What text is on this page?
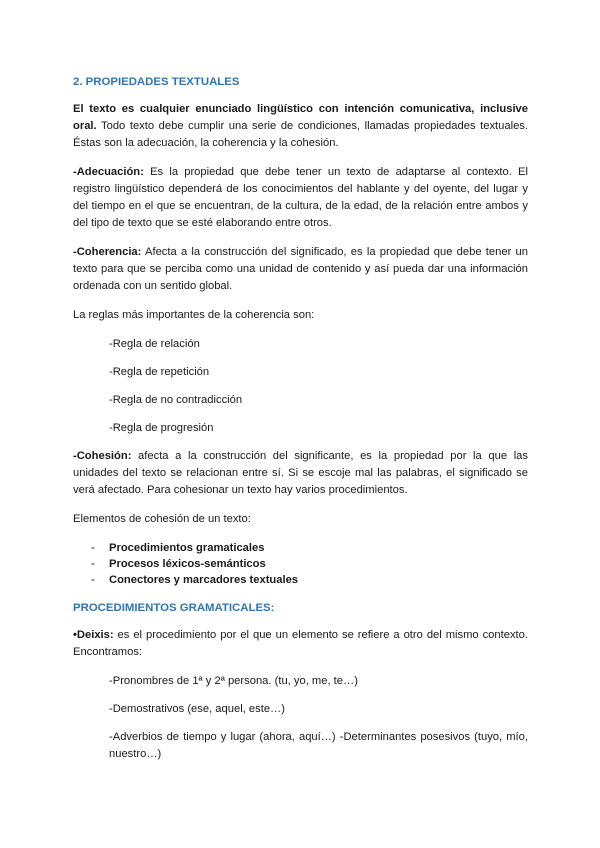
2. PROPIEDADES TEXTUALES

El texto es cualquier enunciado lingüístico con intención comunicativa, inclusive oral. Todo texto debe cumplir una serie de condiciones, llamadas propiedades textuales. Éstas son la adecuación, la coherencia y la cohesión.

-Adecuación: Es la propiedad que debe tener un texto de adaptarse al contexto. El registro lingüístico dependerá de los conocimientos del hablante y del oyente, del lugar y del tiempo en el que se encuentran, de la cultura, de la edad, de la relación entre ambos y del tipo de texto que se esté elaborando entre otros.

-Coherencia: Afecta a la construcción del significado, es la propiedad que debe tener un texto para que se perciba como una unidad de contenido y así pueda dar una información ordenada con un sentido global.

La reglas más importantes de la coherencia son:

-Regla de relación
-Regla de repetición
-Regla de no contradicción
-Regla de progresión

-Cohesión: afecta a la construcción del significante, es la propiedad por la que las unidades del texto se relacionan entre sí. Si se escoje mal las palabras, el significado se verá afectado. Para cohesionar un texto hay varios procedimientos.

Elementos de cohesión de un texto:

- Procedimientos gramaticales
- Procesos léxicos-semánticos
- Conectores y marcadores textuales
PROCEDIMIENTOS GRAMATICALES:

•Deixis: es el procedimiento por el que un elemento se refiere a otro del mismo contexto. Encontramos:

-Pronombres de 1ª y 2ª persona. (tu, yo, me, te…)
-Demostrativos (ese, aquel, este…)
-Adverbios de tiempo y lugar (ahora, aquí…) -Determinantes posesivos (tuyo, mío, nuestro…)
